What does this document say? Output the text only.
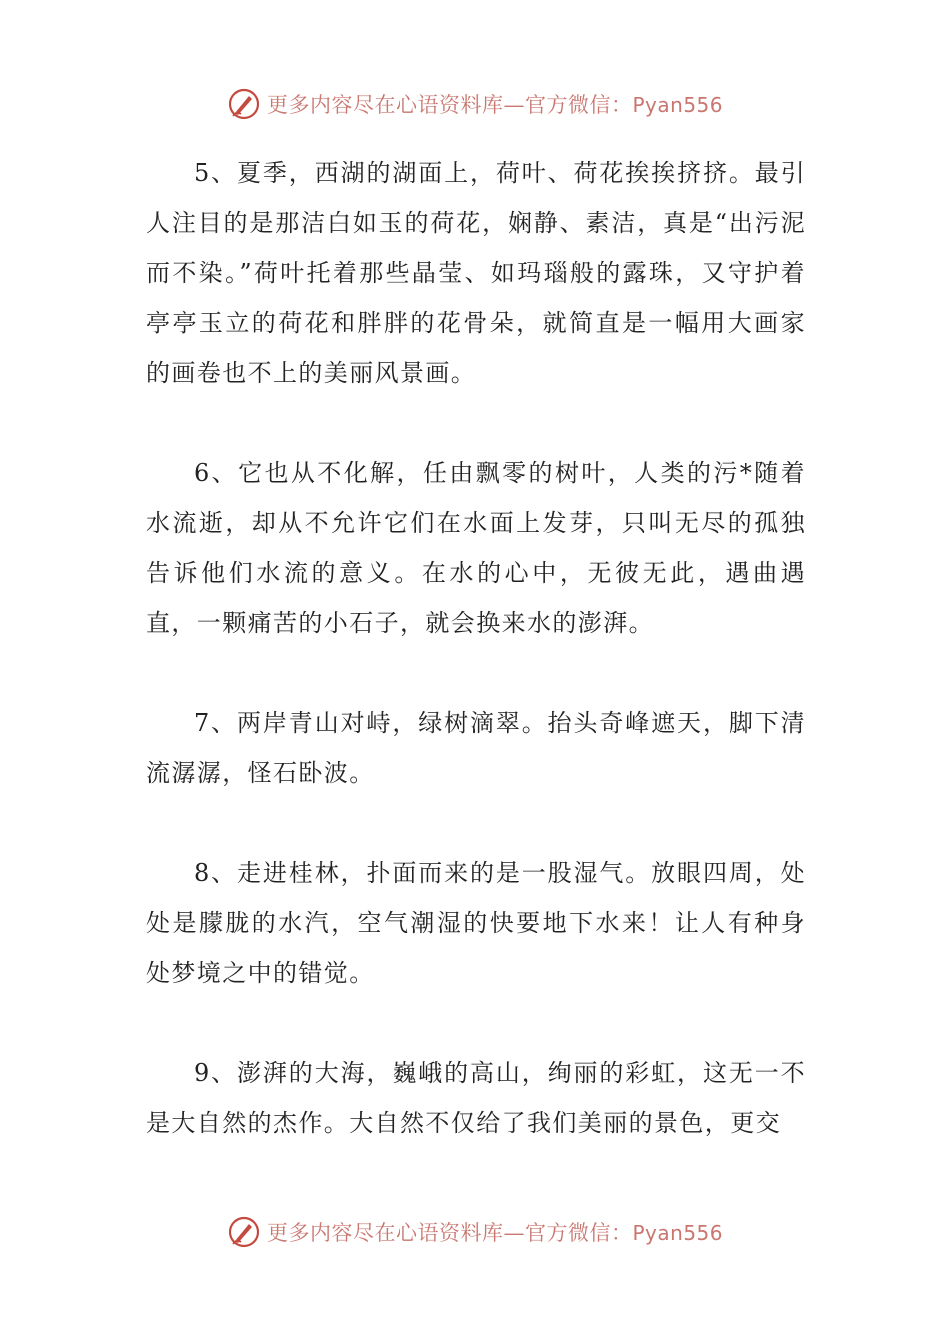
更多内容尽在心语资料库—官方微信：Pyan556

5、夏季，西湖的湖面上，荷叶、荷花挨挨挤挤。最引人注目的是那洁白如玉的荷花，娴静、素洁，真是“出污泥而不染。”荷叶托着那些晶莹、如玛瑙般的露珠，又守护着亭亭玉立的荷花和胖胖的花骨朵，就简直是一幅用大画家的画卷也不上的美丽风景画。

6、它也从不化解，任由飘零的树叶，人类的污*随着水流逝，却从不允许它们在水面上发芽，只叫无尽的孤独告诉他们水流的意义。在水的心中，无彼无此，遇曲遇直，一颗痛苦的小石子，就会换来水的澎湃。

7、两岸青山对峙，绿树滴翠。抬头奇峰遮天，脚下清流潺潺，怪石卧波。

8、走进桂林，扑面而来的是一股湿气。放眼四周，处处是朦胧的水汽，空气潮湿的快要地下水来！让人有种身处梦境之中的错觉。

9、澎湃的大海，巍峨的高山，绚丽的彩虹，这无一不是大自然的杰作。大自然不仅给了我们美丽的景色，更交

更多内容尽在心语资料库—官方微信：Pyan556
